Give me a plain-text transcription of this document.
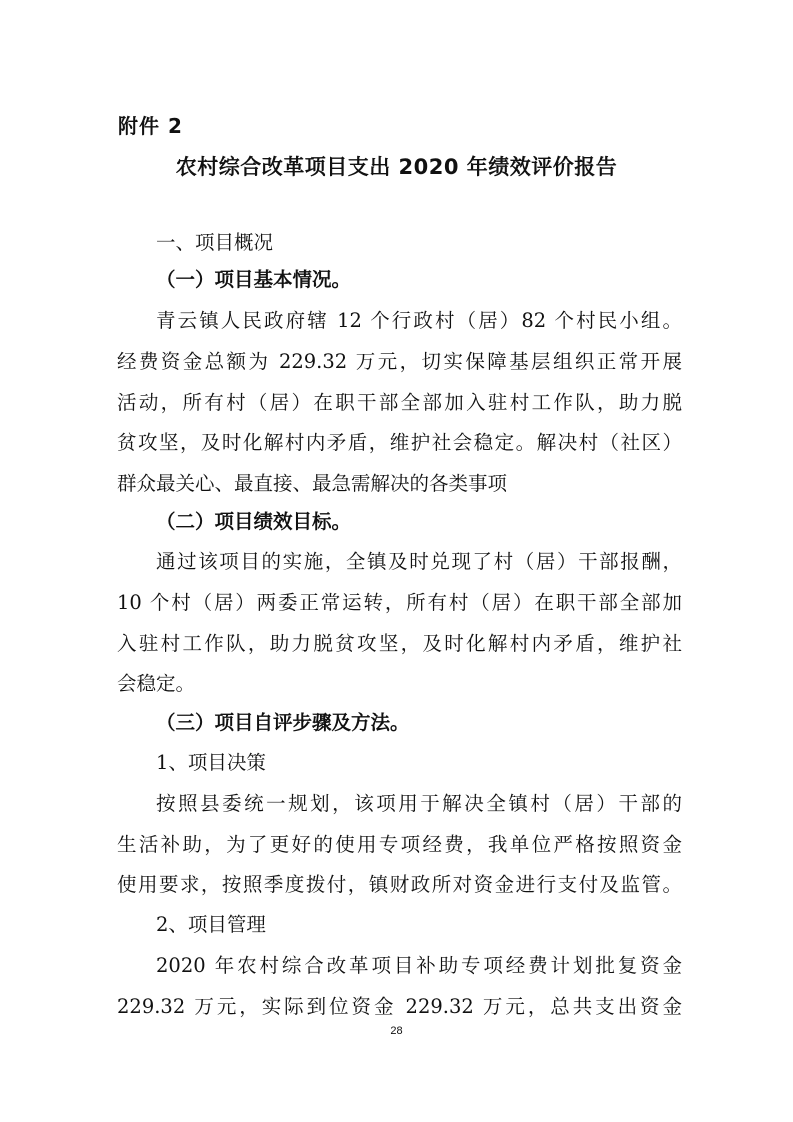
附件 2
农村综合改革项目支出 2020 年绩效评价报告
一、项目概况
（一）项目基本情况。
青云镇人民政府辖 12 个行政村（居）82 个村民小组。
经费资金总额为 229.32 万元，切实保障基层组织正常开展
活动，所有村（居）在职干部全部加入驻村工作队，助力脱
贫攻坚，及时化解村内矛盾，维护社会稳定。解决村（社区）
群众最关心、最直接、最急需解决的各类事项
（二）项目绩效目标。
通过该项目的实施，全镇及时兑现了村（居）干部报酬，
10 个村（居）两委正常运转，所有村（居）在职干部全部加
入驻村工作队，助力脱贫攻坚，及时化解村内矛盾，维护社
会稳定。
（三）项目自评步骤及方法。
1、项目决策
按照县委统一规划，该项用于解决全镇村（居）干部的
生活补助，为了更好的使用专项经费，我单位严格按照资金
使用要求，按照季度拨付，镇财政所对资金进行支付及监管。
2、项目管理
2020 年农村综合改革项目补助专项经费计划批复资金
229.32 万元，实际到位资金 229.32 万元，总共支出资金
28
